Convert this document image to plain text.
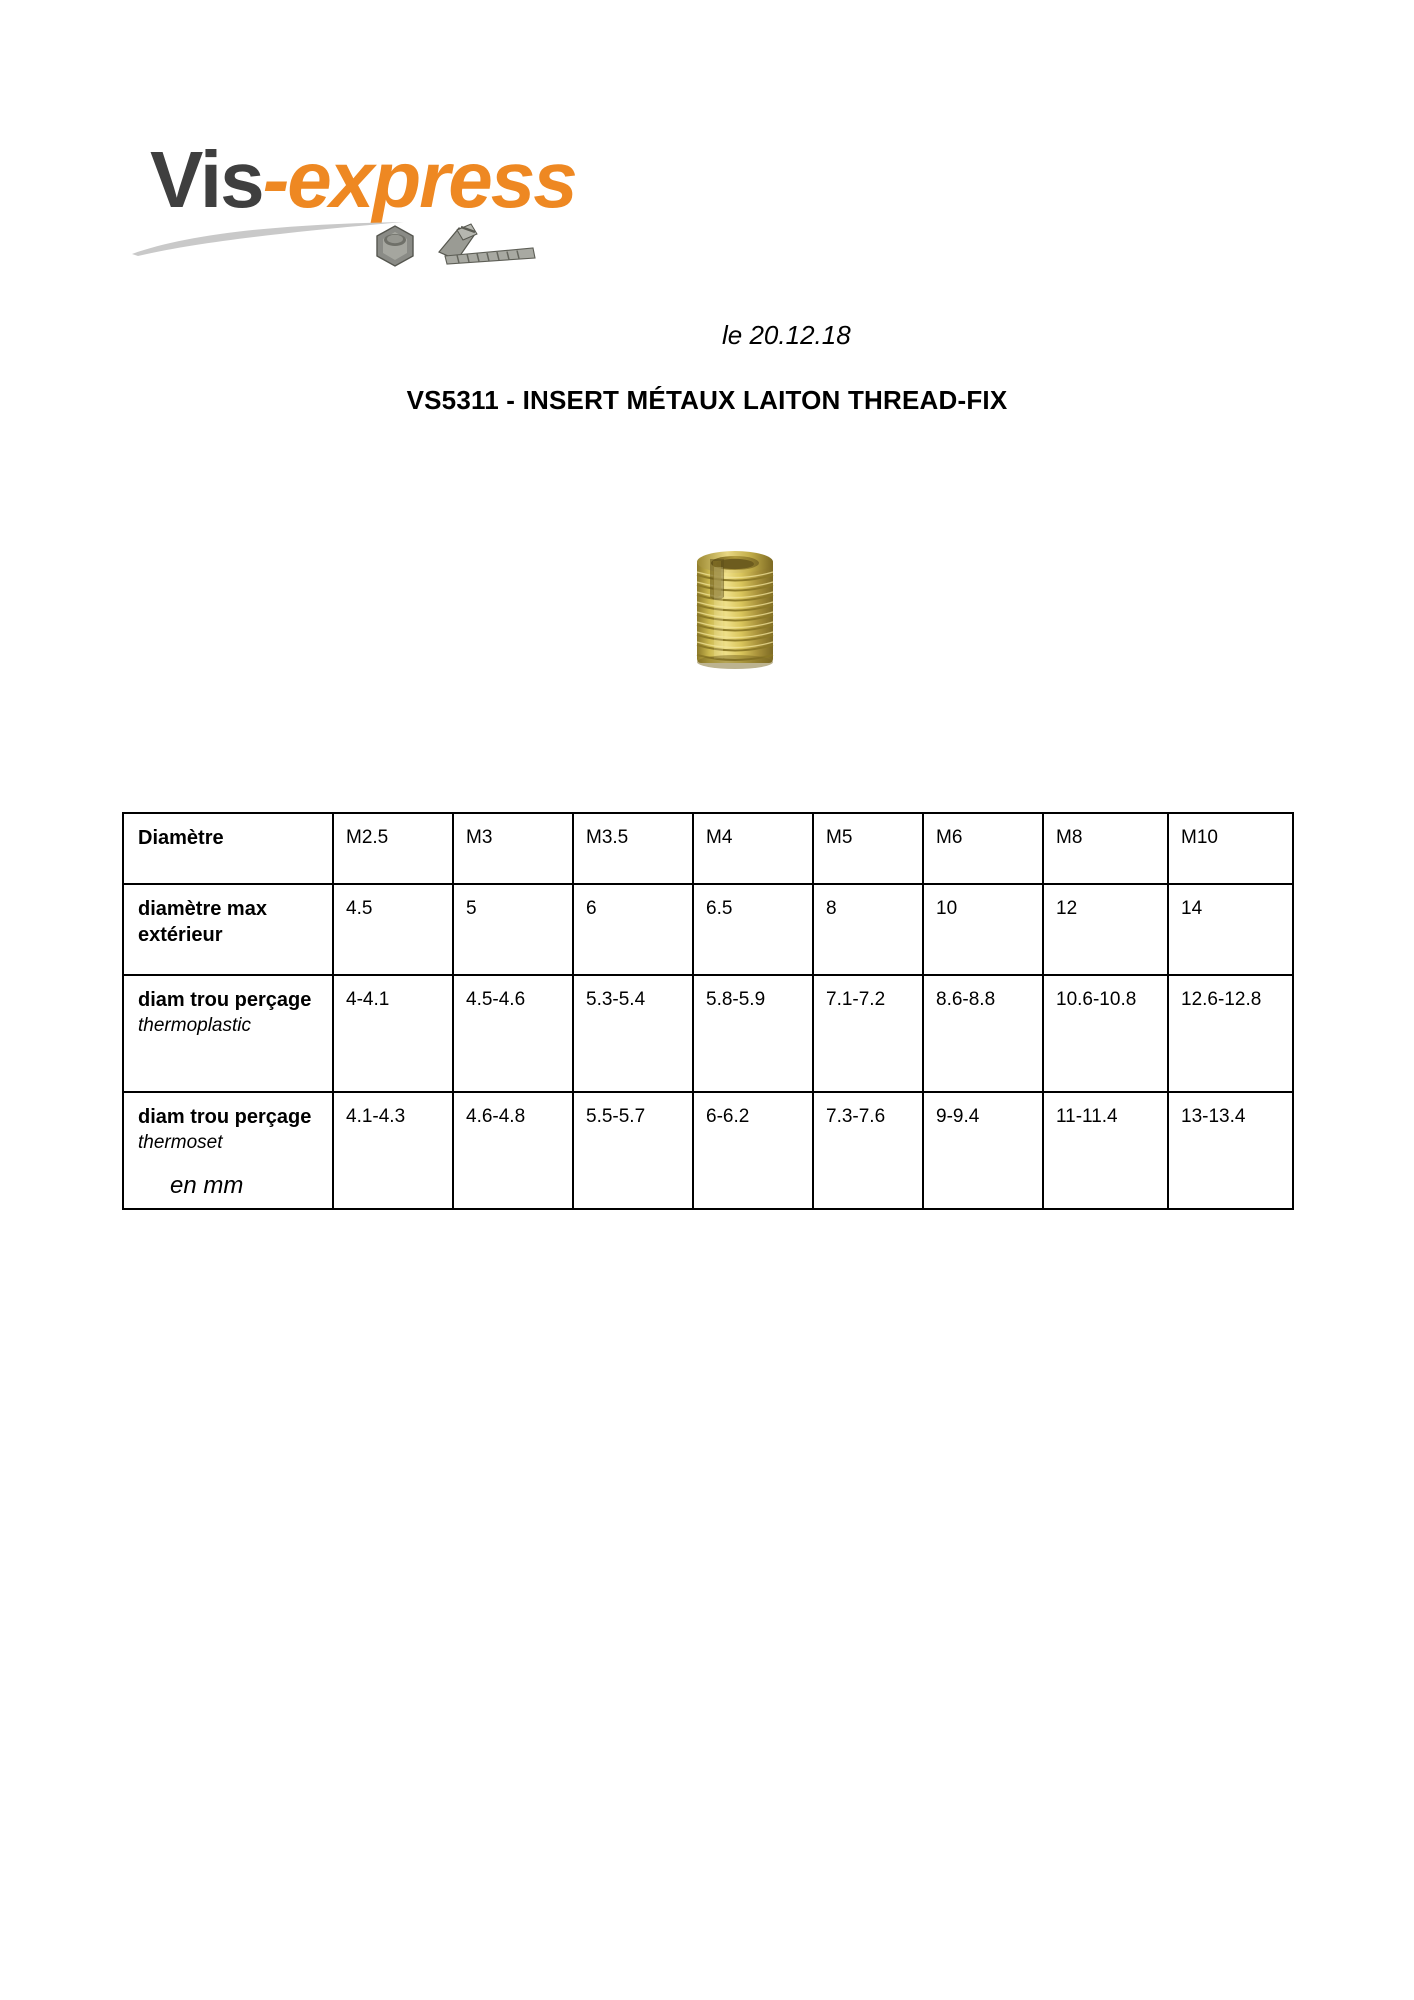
Vis-express
le 20.12.18
VS5311 - INSERT MÉTAUX LAITON THREAD-FIX
Diamètre	M2.5	M3	M3.5	M4	M5	M6	M8	M10
diamètre max extérieur	4.5	5	6	6.5	8	10	12	14
diam trou perçage
thermoplastic	4-4.1	4.5-4.6	5.3-5.4	5.8-5.9	7.1-7.2	8.6-8.8	10.6-10.8	12.6-12.8
diam trou perçage
thermoset	4.1-4.3	4.6-4.8	5.5-5.7	6-6.2	7.3-7.6	9-9.4	11-11.4	13-13.4
en mm
